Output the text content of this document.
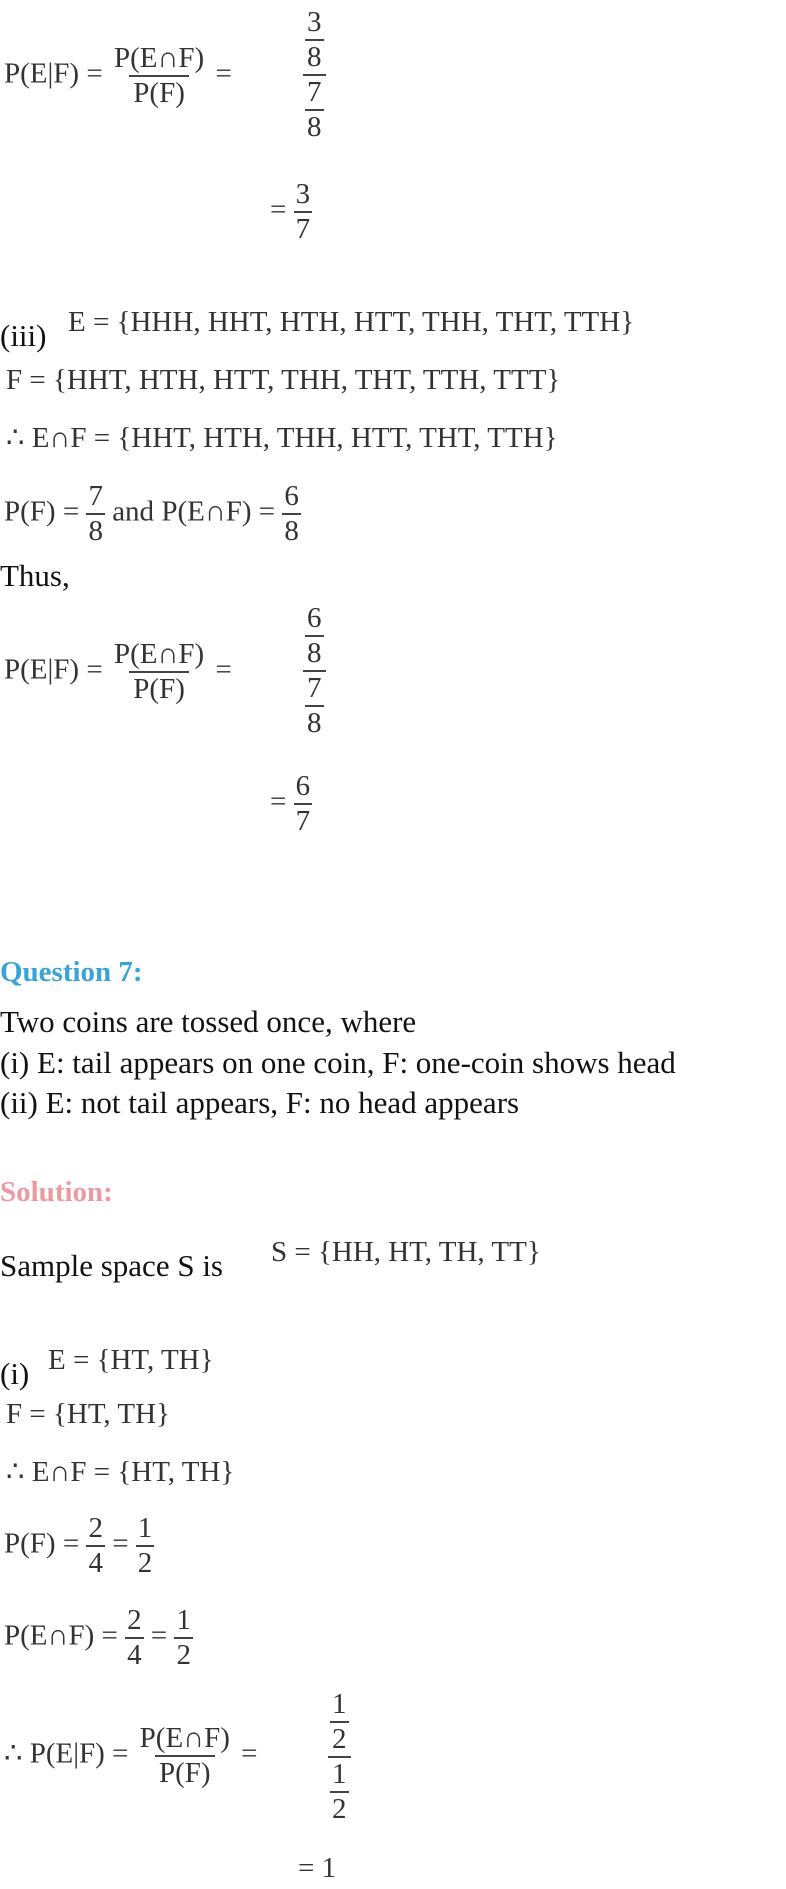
$P(E|F) = \frac{P(E\cap F)}{P(F)}$ =	$\frac{3}{8}$
$\frac{7}{8}$
= $\frac{3}{7}$
(iii) E = {HHH, HHT, HTH, HTT, THH, THT, TTH}
F = {HHT, HTH, HTT, THH, THT, TTH, TTT}
∴ E∩F = {HHT, HTH, THH, HTT, THT, TTH}
$P(F) = \frac{7}{8}$ and P(E∩F) = $\frac{6}{8}$
Thus,
$P(E|F) = \frac{P(E\cap F)}{P(F)}$ =	$\frac{6}{8}$
$\frac{7}{8}$
= $\frac{6}{7}$
Question 7:
Two coins are tossed once, where
(i) E: tail appears on one coin, F: one-coin shows head
(ii) E: not tail appears, F: no head appears
Solution:
Sample space S is S = {HH, HT, TH, TT}
(i) E = {HT, TH}
F = {HT, TH}
∴ E∩F = {HT, TH}
$P(F) = \frac{2}{4} = \frac{1}{2}$
P(E∩F) = $\frac{2}{4} = \frac{1}{2}$
∴ $P(E|F) = \frac{P(E\cap F)}{P(F)}$ =	$\frac{1}{2}$
$\frac{1}{2}$
= 1
